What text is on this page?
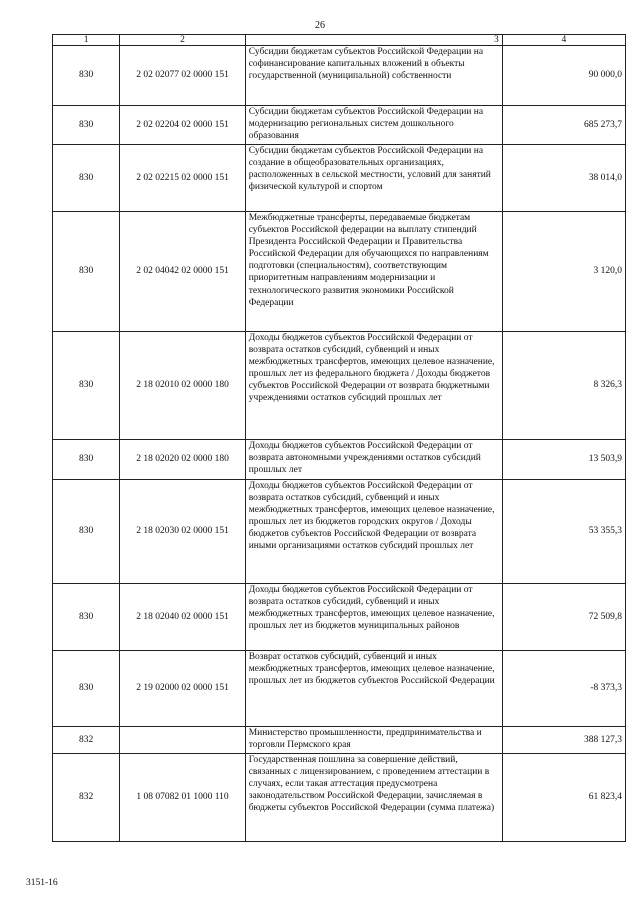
26
1	2	3	4
830	2 02 02077 02 0000 151	Субсидии бюджетам субъектов Российской Федерации на софинансирование капитальных вложений в объекты государственной (муниципальной) собственности	90 000,0
830	2 02 02204 02 0000 151	Субсидии бюджетам субъектов Российской Федерации на модернизацию региональных систем дошкольного образования	685 273,7
830	2 02 02215 02 0000 151	Субсидии бюджетам субъектов Российской Федерации на создание в общеобразовательных организациях, расположенных в сельской местности, условий для занятий физической культурой и спортом	38 014,0
830	2 02 04042 02 0000 151	Межбюджетные трансферты, передаваемые бюджетам субъектов Российской федерации на выплату стипендий Президента Российской Федерации и Правительства Российской Федерации для обучающихся по направлениям подготовки (специальностям), соответствующим приоритетным направлениям модернизации и технологического развития экономики Российской Федерации	3 120,0
830	2 18 02010 02 0000 180	Доходы бюджетов субъектов Российской Федерации от возврата остатков субсидий, субвенций и иных межбюджетных трансфертов, имеющих целевое назначение, прошлых лет из федерального бюджета / Доходы бюджетов субъектов Российской Федерации от возврата бюджетными учреждениями остатков субсидий прошлых лет	8 326,3
830	2 18 02020 02 0000 180	Доходы бюджетов субъектов Российской Федерации от возврата автономными учреждениями остатков субсидий прошлых лет	13 503,9
830	2 18 02030 02 0000 151	Доходы бюджетов субъектов Российской Федерации от возврата остатков субсидий, субвенций и иных межбюджетных трансфертов, имеющих целевое назначение, прошлых лет из бюджетов городских округов / Доходы бюджетов субъектов Российской Федерации от возврата иными организациями остатков субсидий прошлых лет	53 355,3
830	2 18 02040 02 0000 151	Доходы бюджетов субъектов Российской Федерации от возврата остатков субсидий, субвенций и иных межбюджетных трансфертов, имеющих целевое назначение, прошлых лет из бюджетов муниципальных районов	72 509,8
830	2 19 02000 02 0000 151	Возврат остатков субсидий, субвенций и иных межбюджетных трансфертов, имеющих целевое назначение, прошлых лет из бюджетов субъектов Российской Федерации	-8 373,3
832		Министерство промышленности, предпринимательства и торговли Пермского края	388 127,3
832	1 08 07082 01 1000 110	Государственная пошлина за совершение действий, связанных с лицензированием, с проведением аттестации в случаях, если такая аттестация предусмотрена законодательством Российской Федерации, зачисляемая в бюджеты субъектов Российской Федерации (сумма платежа)	61 823,4
3151-16
